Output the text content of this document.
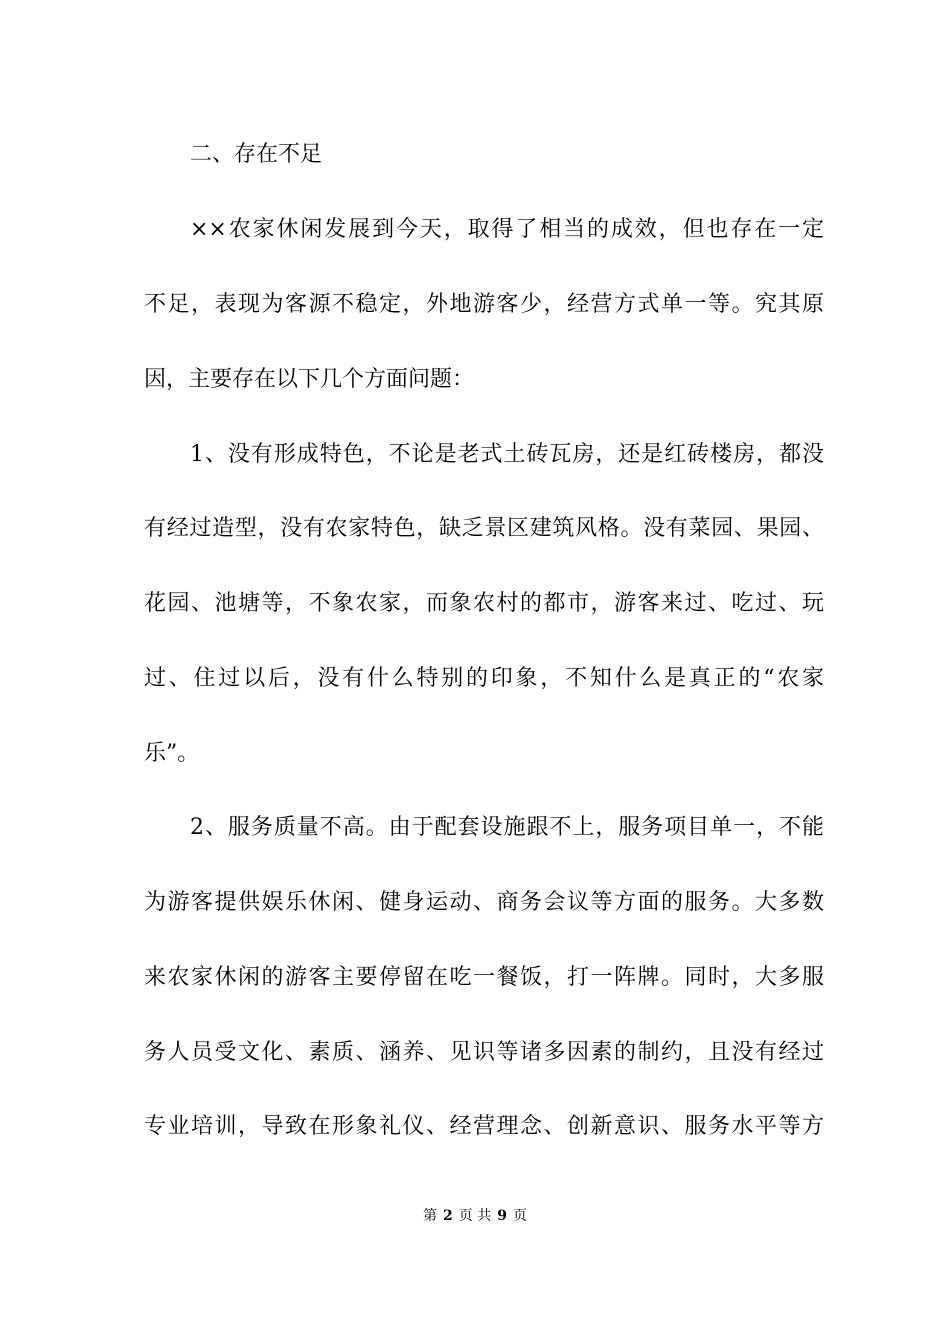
二、存在不足
××农家休闲发展到今天，取得了相当的成效，但也存在一定
不足，表现为客源不稳定，外地游客少，经营方式单一等。究其原
因，主要存在以下几个方面问题：
1、没有形成特色，不论是老式土砖瓦房，还是红砖楼房，都没
有经过造型，没有农家特色，缺乏景区建筑风格。没有菜园、果园、
花园、池塘等，不象农家，而象农村的都市，游客来过、吃过、玩
过、住过以后，没有什么特别的印象，不知什么是真正的“农家
乐”。
2、服务质量不高。由于配套设施跟不上，服务项目单一，不能
为游客提供娱乐休闲、健身运动、商务会议等方面的服务。大多数
来农家休闲的游客主要停留在吃一餐饭，打一阵牌。同时，大多服
务人员受文化、素质、涵养、见识等诸多因素的制约，且没有经过
专业培训，导致在形象礼仪、经营理念、创新意识、服务水平等方
第 2 页 共 9 页
